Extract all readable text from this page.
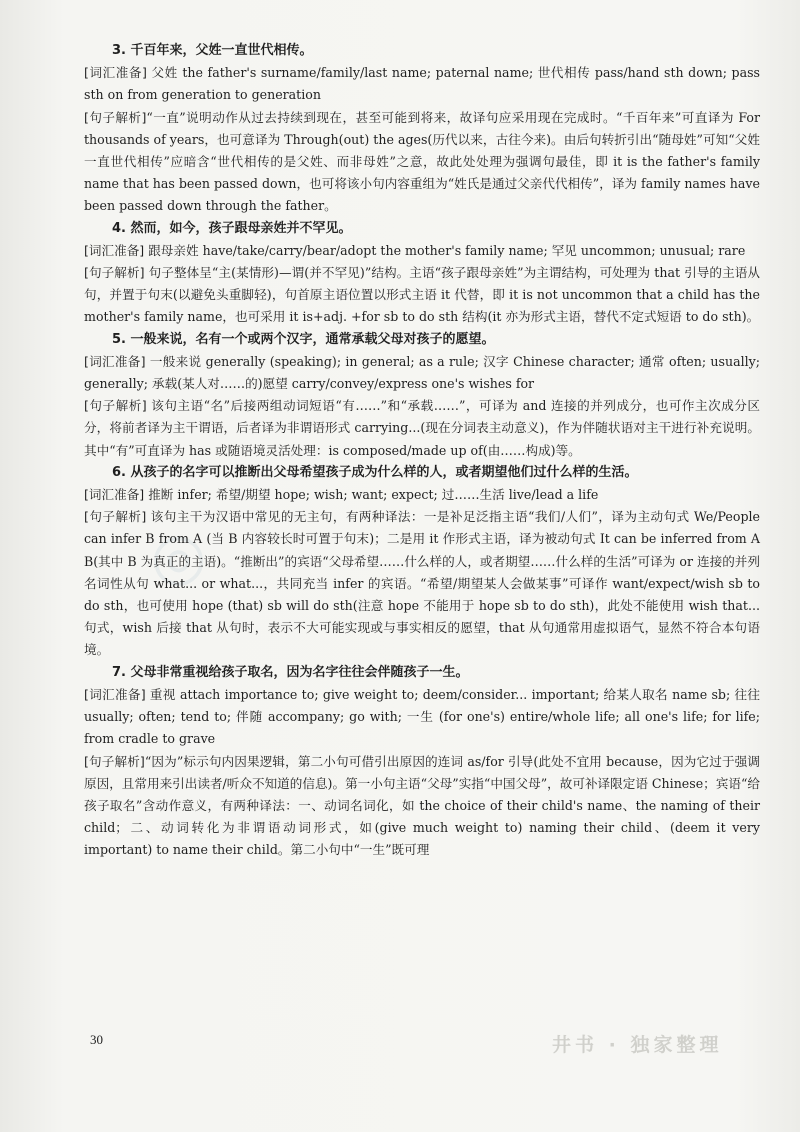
◎

3. 千百年来，父姓一直世代相传。

[词汇准备] 父姓 the father's surname/family/last name; paternal name; 世代相传 pass/hand sth down; pass sth on from generation to generation

[句子解析]“一直”说明动作从过去持续到现在，甚至可能到将来，故译句应采用现在完成时。“千百年来”可直译为 For thousands of years，也可意译为 Through(out) the ages(历代以来，古往今来)。由后句转折引出“随母姓”可知“父姓一直世代相传”应暗含“世代相传的是父姓、而非母姓”之意，故此处处理为强调句最佳，即 it is the father's family name that has been passed down，也可将该小句内容重组为“姓氏是通过父亲代代相传”，译为 family names have been passed down through the father。

4. 然而，如今，孩子跟母亲姓并不罕见。

[词汇准备] 跟母亲姓 have/take/carry/bear/adopt the mother's family name; 罕见 uncommon; unusual; rare

[句子解析] 句子整体呈“主(某情形)—谓(并不罕见)”结构。主语“孩子跟母亲姓”为主谓结构，可处理为 that 引导的主语从句，并置于句末(以避免头重脚轻)，句首原主语位置以形式主语 it 代替，即 it is not uncommon that a child has the mother's family name，也可采用 it is+adj. +for sb to do sth 结构(it 亦为形式主语，替代不定式短语 to do sth)。

5. 一般来说，名有一个或两个汉字，通常承载父母对孩子的愿望。

[词汇准备] 一般来说 generally (speaking); in general; as a rule; 汉字 Chinese character; 通常 often; usually; generally; 承载(某人对……的)愿望 carry/convey/express one's wishes for

[句子解析] 该句主语“名”后接两组动词短语“有……”和“承载……”，可译为 and 连接的并列成分，也可作主次成分区分，将前者译为主干谓语，后者译为非谓语形式 carrying...(现在分词表主动意义)，作为伴随状语对主干进行补充说明。其中“有”可直译为 has 或随语境灵活处理：is composed/made up of(由……构成)等。

6. 从孩子的名字可以推断出父母希望孩子成为什么样的人，或者期望他们过什么样的生活。

[词汇准备] 推断 infer; 希望/期望 hope; wish; want; expect; 过……生活 live/lead a life

[句子解析] 该句主干为汉语中常见的无主句，有两种译法：一是补足泛指主语“我们/人们”，译为主动句式 We/People can infer B from A (当 B 内容较长时可置于句末)；二是用 it 作形式主语，译为被动句式 It can be inferred from A B(其中 B 为真正的主语)。“推断出”的宾语“父母希望……什么样的人，或者期望……什么样的生活”可译为 or 连接的并列名词性从句 what... or what...，共同充当 infer 的宾语。“希望/期望某人会做某事”可译作 want/expect/wish sb to do sth，也可使用 hope (that) sb will do sth(注意 hope 不能用于 hope sb to do sth)，此处不能使用 wish that... 句式，wish 后接 that 从句时，表示不大可能实现或与事实相反的愿望，that 从句通常用虚拟语气，显然不符合本句语境。

7. 父母非常重视给孩子取名，因为名字往往会伴随孩子一生。

[词汇准备] 重视 attach importance to; give weight to; deem/consider... important; 给某人取名 name sb; 往往 usually; often; tend to; 伴随 accompany; go with; 一生 (for one's) entire/whole life; all one's life; for life; from cradle to grave

[句子解析]“因为”标示句内因果逻辑，第二小句可借引出原因的连词 as/for 引导(此处不宜用 because，因为它过于强调原因，且常用来引出读者/听众不知道的信息)。第一小句主语“父母”实指“中国父母”，故可补译限定语 Chinese；宾语“给孩子取名”含动作意义，有两种译法：一、动词名词化，如 the choice of their child's name、the naming of their child；二、动词转化为非谓语动词形式，如(give much weight to) naming their child、(deem it very important) to name their child。第二小句中“一生”既可理

30	井书 · 独家整理
